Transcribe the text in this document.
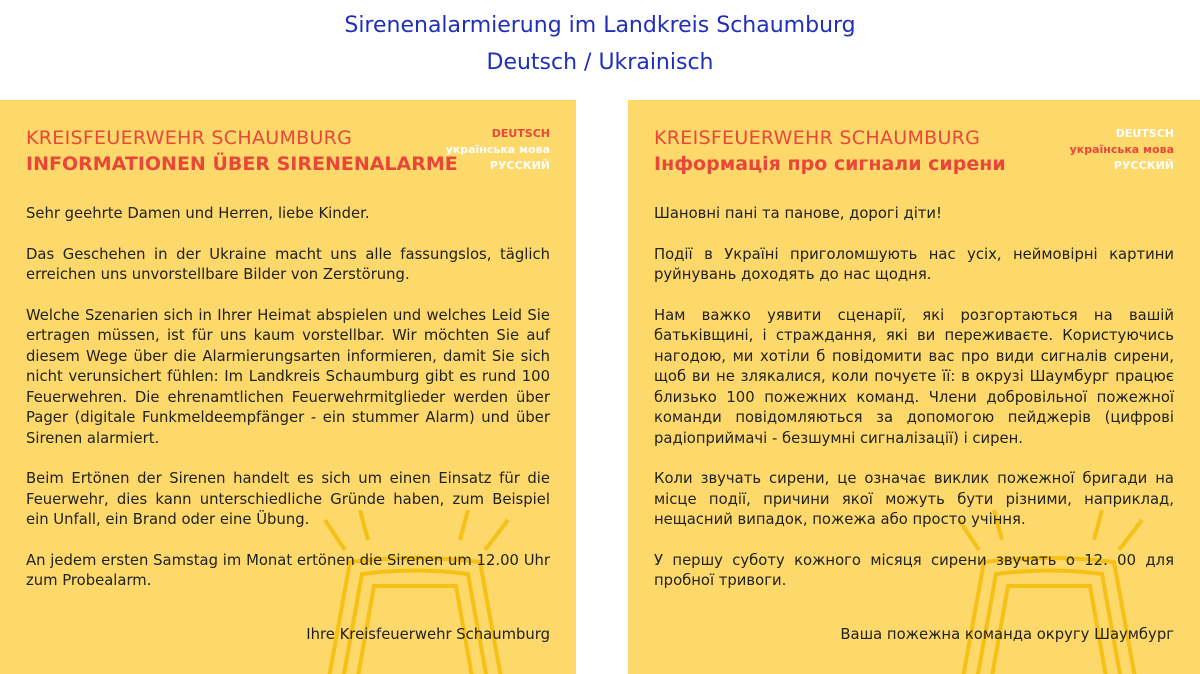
Sirenenalarmierung im Landkreis Schaumburg
Deutsch / Ukrainisch
KREISFEUERWEHR SCHAUMBURG
INFORMATIONEN ÜBER SIRENENALARME
DEUTSCH
українська мова
РУССКИЙ

Sehr geehrte Damen und Herren, liebe Kinder.

Das Geschehen in der Ukraine macht uns alle fassungslos, täglich erreichen uns unvorstellbare Bilder von Zerstörung.

Welche Szenarien sich in Ihrer Heimat abspielen und welches Leid Sie ertragen müssen, ist für uns kaum vorstellbar. Wir möchten Sie auf diesem Wege über die Alarmierungsarten informieren, damit Sie sich nicht verunsichert fühlen: Im Landkreis Schaumburg gibt es rund 100 Feuerwehren. Die ehrenamtlichen Feuerwehrmitglieder werden über Pager (digitale Funkmeldeempfänger - ein stummer Alarm) und über Sirenen alarmiert.

Beim Ertönen der Sirenen handelt es sich um einen Einsatz für die Feuerwehr, dies kann unterschiedliche Gründe haben, zum Beispiel ein Unfall, ein Brand oder eine Übung.

An jedem ersten Samstag im Monat ertönen die Sirenen um 12.00 Uhr zum Probealarm.

Ihre Kreisfeuerwehr Schaumburg
KREISFEUERWEHR SCHAUMBURG
Інформація про сигнали сирени
DEUTSCH
українська мова
РУССКИЙ

Шановні пані та панове, дорогі діти!

Події в Україні приголомшують нас усіх, неймовірні картини руйнувань доходять до нас щодня.

Нам важко уявити сценарії, які розгортаються на вашій батьківщині, і страждання, які ви переживаєте. Користуючись нагодою, ми хотіли б повідомити вас про види сигналів сирени, щоб ви не злякалися, коли почуєте її: в окрузі Шаумбург працює близько 100 пожежних команд. Члени добровільної пожежної команди повідомляються за допомогою пейджерів (цифрові радіоприймачі - безшумні сигналізації) і сирен.

Коли звучать сирени, це означає виклик пожежної бригади на місце події, причини якої можуть бути різними, наприклад, нещасний випадок, пожежа або просто учіння.

У першу суботу кожного місяця сирени звучать о 12. 00 для пробної тривоги.

Ваша пожежна команда округу Шаумбург
